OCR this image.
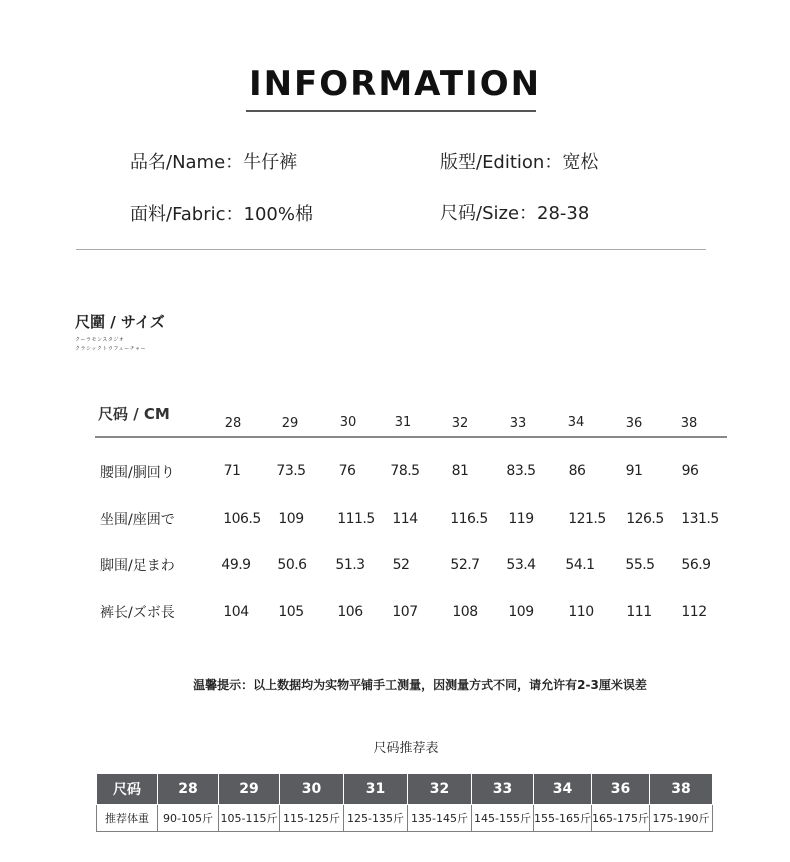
INFORMATION
品名/Name：牛仔裤	版型/Edition：宽松
面料/Fabric：100%棉	尺码/Size：28-38
尺圍 / サイズ
クーラモンスタジオ
クラシックトウフューチャー
尺码 / CM
28	29	30	31	32	33	34	36	38
腰围/胴回り	71	73.5	76	78.5	81	83.5	86	91	96
坐围/座囲で	106.5	109	111.5	114	116.5	119	121.5	126.5	131.5
脚围/足まわ	49.9	50.6	51.3	52	52.7	53.4	54.1	55.5	56.9
裤长/ズボ長	104	105	106	107	108	109	110	111	112
温馨提示：以上数据均为实物平铺手工测量，因测量方式不同，请允许有2-3厘米误差
尺码推荐表
尺码	28	29	30	31	32	33	34	36	38
推荐体重	90-105斤	105-115斤	115-125斤	125-135斤	135-145斤	145-155斤	155-165斤	165-175斤	175-190斤
